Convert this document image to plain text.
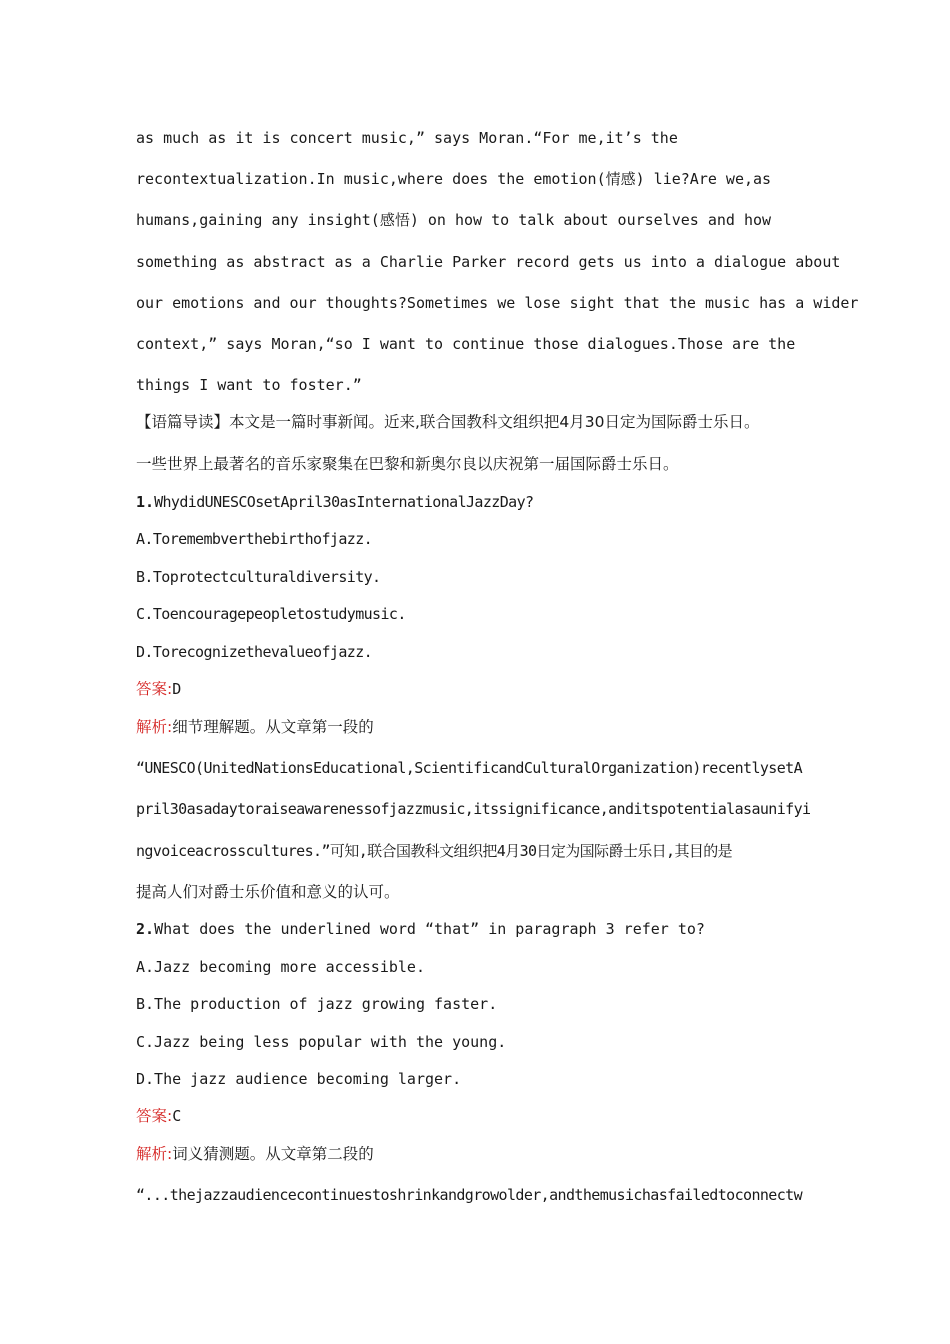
as much as it is concert music,” says Moran.“For me,it’s the
recontextualization.In music,where does the emotion(情感) lie?Are we,as
humans,gaining any insight(感悟) on how to talk about ourselves and how
something as abstract as a Charlie Parker record gets us into a dialogue about
our emotions and our thoughts?Sometimes we lose sight that the music has a wider
context,” says Moran,“so I want to continue those dialogues.Those are the
things I want to foster.”
【语篇导读】本文是一篇时事新闻。近来,联合国教科文组织把4月30日定为国际爵士乐日。
一些世界上最著名的音乐家聚集在巴黎和新奥尔良以庆祝第一届国际爵士乐日。
1.WhydidUNESCOsetApril30asInternationalJazzDay?
A.Toremembverthebirthofjazz.
B.Toprotectculturaldiversity.
C.Toencouragepeopletostudymusic.
D.Torecognizethevalueofjazz.
答案:D
解析:细节理解题。从文章第一段的
“UNESCO(UnitedNationsEducational,ScientificandCulturalOrganization)recentlysetA
pril30asadaytoraiseawarenessofjazzmusic,itssignificance,anditspotentialasaunifyi
ngvoiceacrosscultures.”可知,联合国教科文组织把4月30日定为国际爵士乐日,其目的是
提高人们对爵士乐价值和意义的认可。
2.What does the underlined word “that” in paragraph 3 refer to?
A.Jazz becoming more accessible.
B.The production of jazz growing faster.
C.Jazz being less popular with the young.
D.The jazz audience becoming larger.
答案:C
解析:词义猜测题。从文章第二段的
“...thejazzaudiencecontinuestoshrinkandgrowolder,andthemusichasfailedtoconnectw
